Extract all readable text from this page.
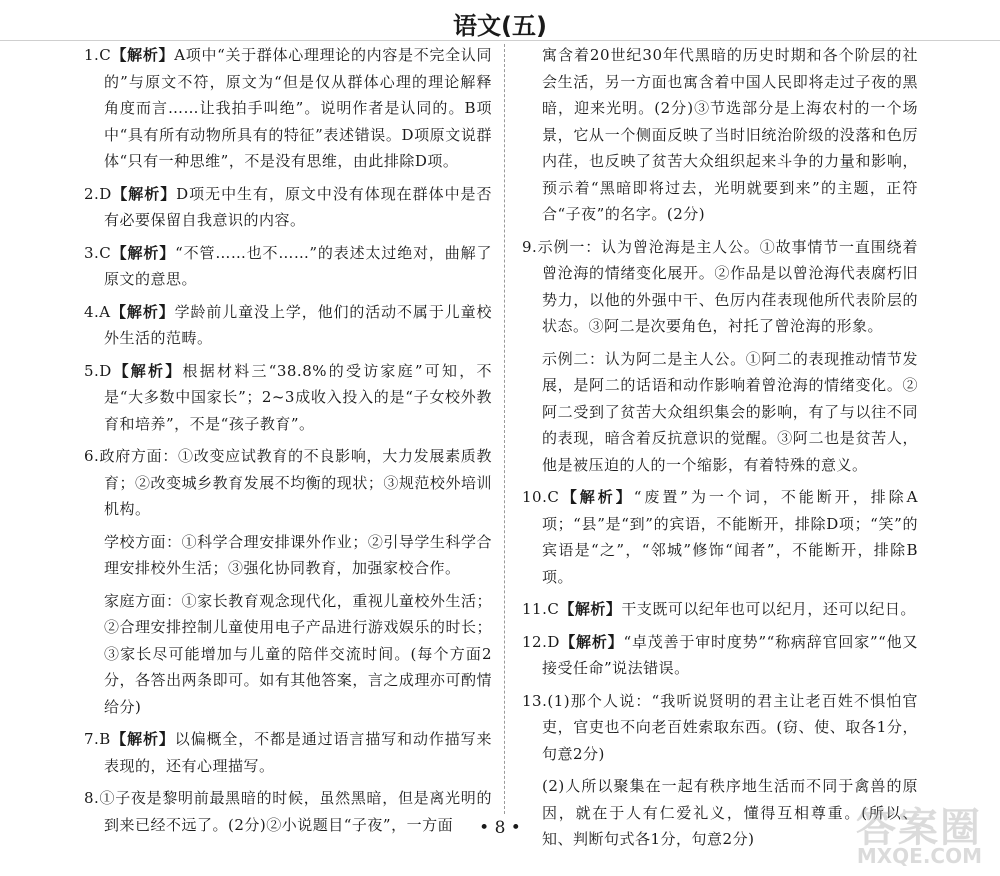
语文(五)

1.C【解析】A项中“关于群体心理理论的内容是不完全认同的”与原文不符，原文为“但是仅从群体心理的理论解释角度而言……让我拍手叫绝”。说明作者是认同的。B项中“具有所有动物所具有的特征”表述错误。D项原文说群体“只有一种思维”，不是没有思维，由此排除D项。

2.D【解析】D项无中生有，原文中没有体现在群体中是否有必要保留自我意识的内容。

3.C【解析】“不管……也不……”的表述太过绝对，曲解了原文的意思。

4.A【解析】学龄前儿童没上学，他们的活动不属于儿童校外生活的范畴。

5.D【解析】根据材料三“38.8%的受访家庭”可知，不是“大多数中国家长”；2~3成收入投入的是“子女校外教育和培养”，不是“孩子教育”。

6.政府方面：①改变应试教育的不良影响，大力发展素质教育；②改变城乡教育发展不均衡的现状；③规范校外培训机构。

学校方面：①科学合理安排课外作业；②引导学生科学合理安排校外生活；③强化协同教育，加强家校合作。

家庭方面：①家长教育观念现代化，重视儿童校外生活；②合理安排控制儿童使用电子产品进行游戏娱乐的时长；③家长尽可能增加与儿童的陪伴交流时间。(每个方面2分，各答出两条即可。如有其他答案，言之成理亦可酌情给分)

7.B【解析】以偏概全，不都是通过语言描写和动作描写来表现的，还有心理描写。

8.①子夜是黎明前最黑暗的时候，虽然黑暗，但是离光明的到来已经不远了。(2分)②小说题目“子夜”，一方面

寓含着20世纪30年代黑暗的历史时期和各个阶层的社会生活，另一方面也寓含着中国人民即将走过子夜的黑暗，迎来光明。(2分)③节选部分是上海农村的一个场景，它从一个侧面反映了当时旧统治阶级的没落和色厉内荏，也反映了贫苦大众组织起来斗争的力量和影响，预示着“黑暗即将过去，光明就要到来”的主题，正符合“子夜”的名字。(2分)

9.示例一：认为曾沧海是主人公。①故事情节一直围绕着曾沧海的情绪变化展开。②作品是以曾沧海代表腐朽旧势力，以他的外强中干、色厉内荏表现他所代表阶层的状态。③阿二是次要角色，衬托了曾沧海的形象。

示例二：认为阿二是主人公。①阿二的表现推动情节发展，是阿二的话语和动作影响着曾沧海的情绪变化。②阿二受到了贫苦大众组织集会的影响，有了与以往不同的表现，暗含着反抗意识的觉醒。③阿二也是贫苦人，他是被压迫的人的一个缩影，有着特殊的意义。

10.C【解析】“废置”为一个词，不能断开，排除A项；“县”是“到”的宾语，不能断开，排除D项；“笑”的宾语是“之”，“邻城”修饰“闻者”，不能断开，排除B项。

11.C【解析】干支既可以纪年也可以纪月，还可以纪日。

12.D【解析】“卓茂善于审时度势”“称病辞官回家”“他又接受任命”说法错误。

13.(1)那个人说：“我听说贤明的君主让老百姓不惧怕官吏，官吏也不向老百姓索取东西。(窃、使、取各1分，句意2分)

(2)人所以聚集在一起有秩序地生活而不同于禽兽的原因，就在于人有仁爱礼义，懂得互相尊重。(所以、知、判断句式各1分，句意2分)

• 8 •	答案圈
MXQE.COM
